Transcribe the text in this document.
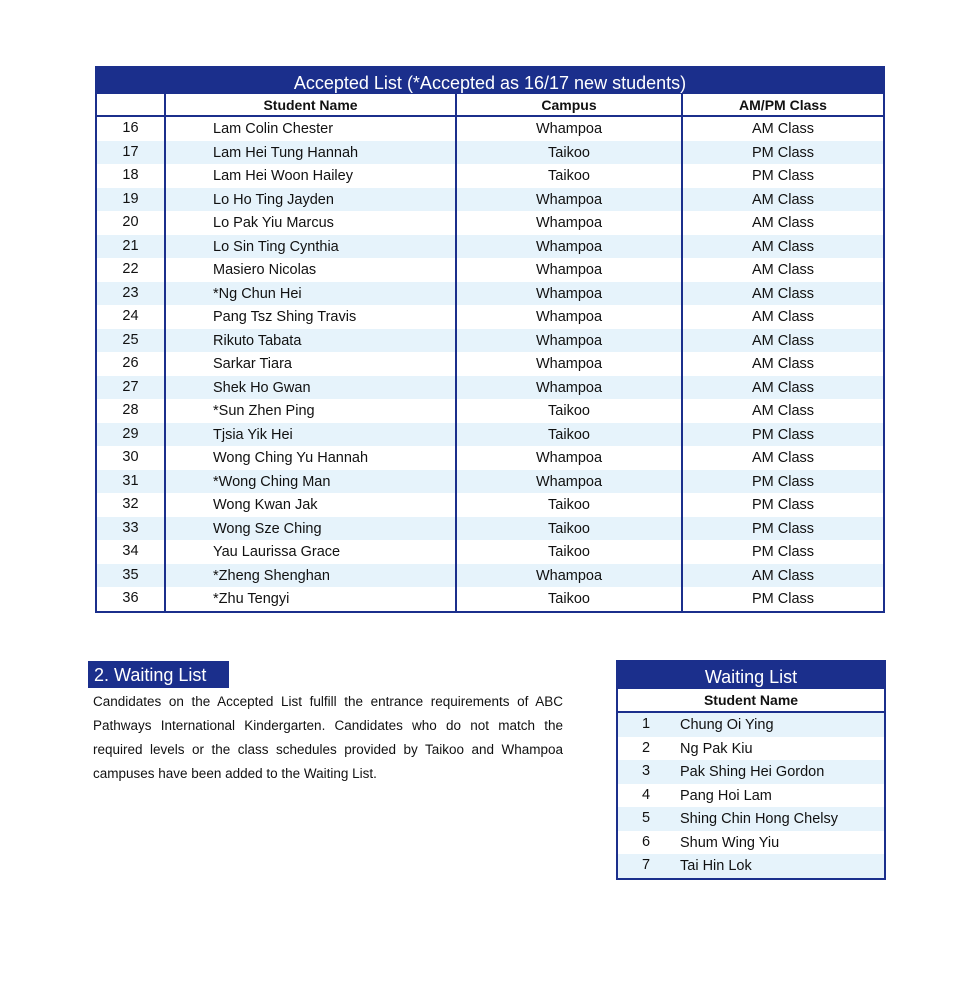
Accepted List (*Accepted as 16/17 new students)
Student Name	Campus	AM/PM Class
16	Lam Colin Chester	Whampoa	AM Class
17	Lam Hei Tung Hannah	Taikoo	PM Class
18	Lam Hei Woon Hailey	Taikoo	PM Class
19	Lo Ho Ting Jayden	Whampoa	AM Class
20	Lo Pak Yiu Marcus	Whampoa	AM Class
21	Lo Sin Ting Cynthia	Whampoa	AM Class
22	Masiero Nicolas	Whampoa	AM Class
23	*Ng Chun Hei	Whampoa	AM Class
24	Pang Tsz Shing Travis	Whampoa	AM Class
25	Rikuto Tabata	Whampoa	AM Class
26	Sarkar Tiara	Whampoa	AM Class
27	Shek Ho Gwan	Whampoa	AM Class
28	*Sun Zhen Ping	Taikoo	AM Class
29	Tjsia Yik Hei	Taikoo	PM Class
30	Wong Ching Yu Hannah	Whampoa	AM Class
31	*Wong Ching Man	Whampoa	PM Class
32	Wong Kwan Jak	Taikoo	PM Class
33	Wong Sze Ching	Taikoo	PM Class
34	Yau Laurissa Grace	Taikoo	PM Class
35	*Zheng Shenghan	Whampoa	AM Class
36	*Zhu Tengyi	Taikoo	PM Class
2. Waiting List

Candidates on the Accepted List fulfill the entrance requirements of ABC Pathways International Kindergarten. Candidates who do not match the required levels or the class schedules provided by Taikoo and Whampoa campuses have been added to the Waiting List.

Waiting List
Student Name
1	Chung Oi Ying
2	Ng Pak Kiu
3	Pak Shing Hei Gordon
4	Pang Hoi Lam
5	Shing Chin Hong Chelsy
6	Shum Wing Yiu
7	Tai Hin Lok
